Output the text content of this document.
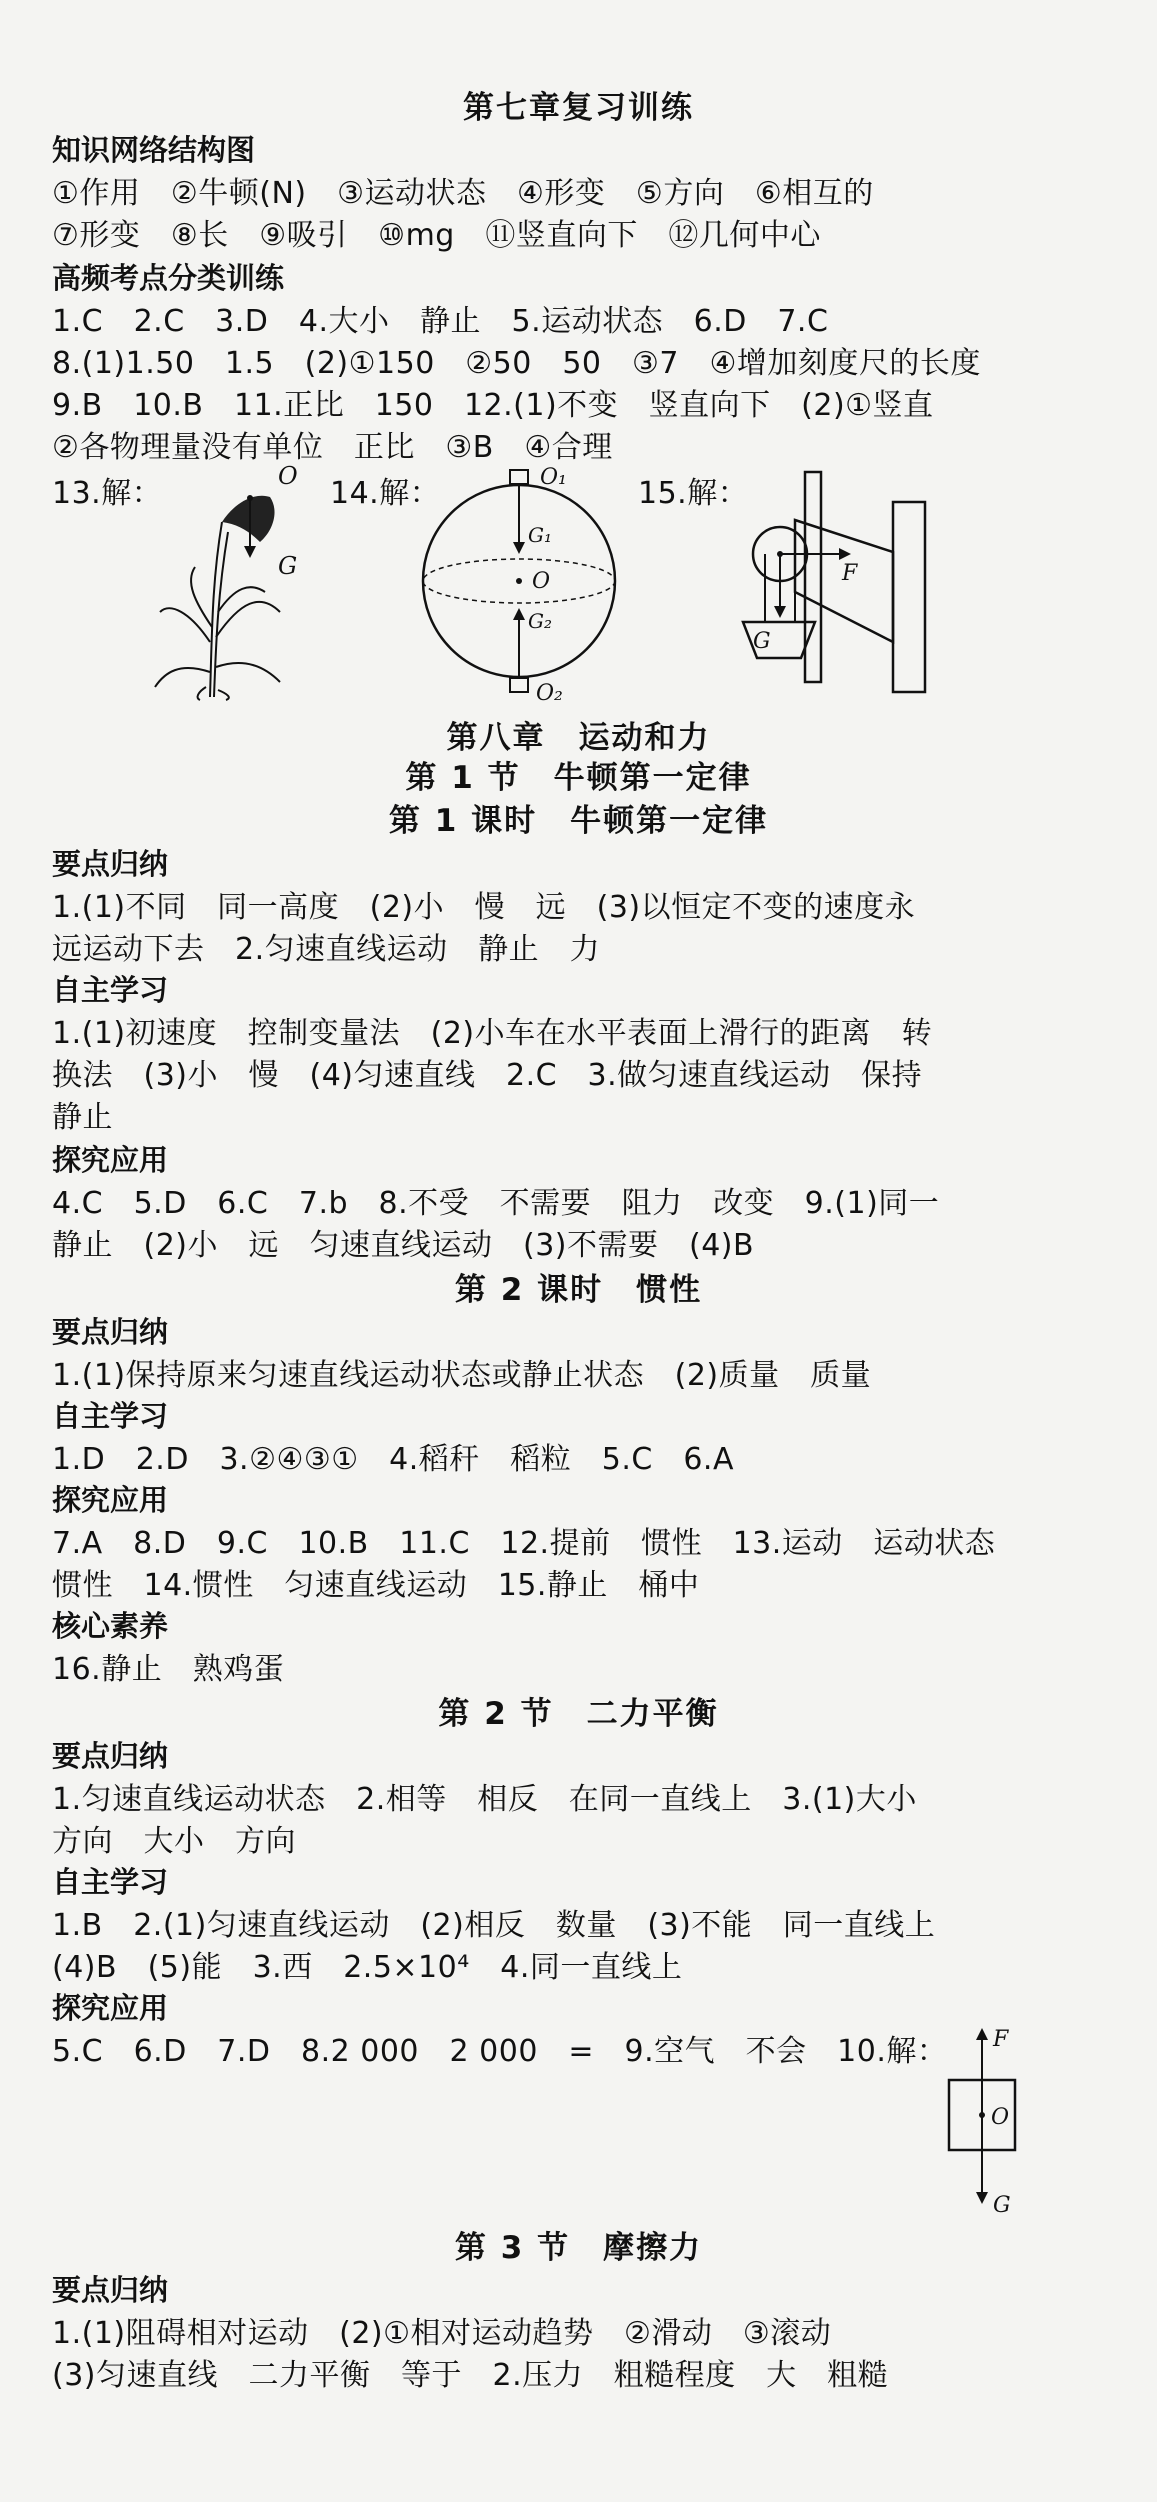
第七章复习训练
知识网络结构图
①作用　②牛顿(N)　③运动状态　④形变　⑤方向　⑥相互的
⑦形变　⑧长　⑨吸引　⑩mg　⑪竖直向下　⑫几何中心
高频考点分类训练
1.C　2.C　3.D　4.大小　静止　5.运动状态　6.D　7.C
8.(1)1.50　1.5　(2)①150　②50　50　③7　④增加刻度尺的长度
9.B　10.B　11.正比　150　12.(1)不变　竖直向下　(2)①竖直
②各物理量没有单位　正比　③B　④合理
13.解：	14.解：	15.解：
O
G
O₁
G₁
O
G₂
O₂
F
G
第八章　运动和力
第 1 节　牛顿第一定律
第 1 课时　牛顿第一定律
要点归纳
1.(1)不同　同一高度　(2)小　慢　远　(3)以恒定不变的速度永
远运动下去　2.匀速直线运动　静止　力
自主学习
1.(1)初速度　控制变量法　(2)小车在水平表面上滑行的距离　转
换法　(3)小　慢　(4)匀速直线　2.C　3.做匀速直线运动　保持
静止
探究应用
4.C　5.D　6.C　7.b　8.不受　不需要　阻力　改变　9.(1)同一
静止　(2)小　远　匀速直线运动　(3)不需要　(4)B
第 2 课时　惯性
要点归纳
1.(1)保持原来匀速直线运动状态或静止状态　(2)质量　质量
自主学习
1.D　2.D　3.②④③①　4.稻秆　稻粒　5.C　6.A
探究应用
7.A　8.D　9.C　10.B　11.C　12.提前　惯性　13.运动　运动状态
惯性　14.惯性　匀速直线运动　15.静止　桶中
核心素养
16.静止　熟鸡蛋
第 2 节　二力平衡
要点归纳
1.匀速直线运动状态　2.相等　相反　在同一直线上　3.(1)大小
方向　大小　方向
自主学习
1.B　2.(1)匀速直线运动　(2)相反　数量　(3)不能　同一直线上
(4)B　(5)能　3.西　2.5×10⁴　4.同一直线上
探究应用
5.C　6.D　7.D　8.2 000　2 000　=　9.空气　不会　10.解： F
O
G
第 3 节　摩擦力
要点归纳
1.(1)阻碍相对运动　(2)①相对运动趋势　②滑动　③滚动
(3)匀速直线　二力平衡　等于　2.压力　粗糙程度　大　粗糙
